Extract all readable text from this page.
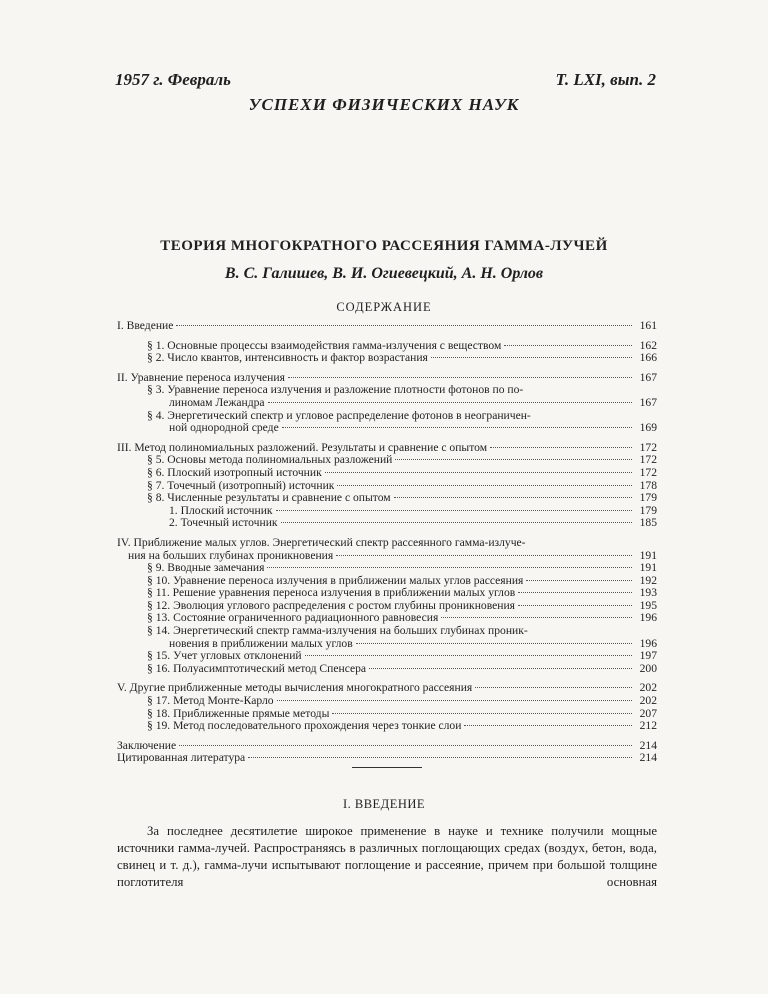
1957 г. Февраль	Т. LXI, вып. 2
УСПЕХИ ФИЗИЧЕСКИХ НАУК
ТЕОРИЯ МНОГОКРАТНОГО РАССЕЯНИЯ ГАММА-ЛУЧЕЙ
В. С. Галишев, В. И. Огиевецкий, А. Н. Орлов
СОДЕРЖАНИЕ
I. Введение	161
§ 1. Основные процессы взаимодействия гамма-излучения с веществом	162
§ 2. Число квантов, интенсивность и фактор возрастания	166
II. Уравнение переноса излучения	167
§ 3. Уравнение переноса излучения и разложение плотности фотонов по по-
линомам Лежандра	167
§ 4. Энергетический спектр и угловое распределение фотонов в неограничен-
ной однородной среде	169
III. Метод полиномиальных разложений. Результаты и сравнение с опытом	172
§ 5. Основы метода полиномиальных разложений	172
§ 6. Плоский изотропный источник	172
§ 7. Точечный (изотропный) источник	178
§ 8. Численные результаты и сравнение с опытом	179
1. Плоский источник	179
2. Точечный источник	185
IV. Приближение малых углов. Энергетический спектр рассеянного гамма-излуче-
ния на больших глубинах проникновения	191
§ 9. Вводные замечания	191
§ 10. Уравнение переноса излучения в приближении малых углов рассеяния	192
§ 11. Решение уравнения переноса излучения в приближении малых углов	193
§ 12. Эволюция углового распределения с ростом глубины проникновения	195
§ 13. Состояние ограниченного радиационного равновесия	196
§ 14. Энергетический спектр гамма-излучения на больших глубинах проник-
новения в приближении малых углов	196
§ 15. Учет угловых отклонений	197
§ 16. Полуасимптотический метод Спенсера	200
V. Другие приближенные методы вычисления многократного рассеяния	202
§ 17. Метод Монте-Карло	202
§ 18. Приближенные прямые методы	207
§ 19. Метод последовательного прохождения через тонкие слои	212
Заключение	214
Цитированная литература	214
I. ВВЕДЕНИЕ

За последнее десятилетие широкое применение в науке и технике получили мощные источники гамма-лучей. Распространяясь в различных поглощающих средах (воздух, бетон, вода, свинец и т. д.), гамма-лучи испытывают поглощение и рассеяние, причем при большой толщине поглотителя основная
